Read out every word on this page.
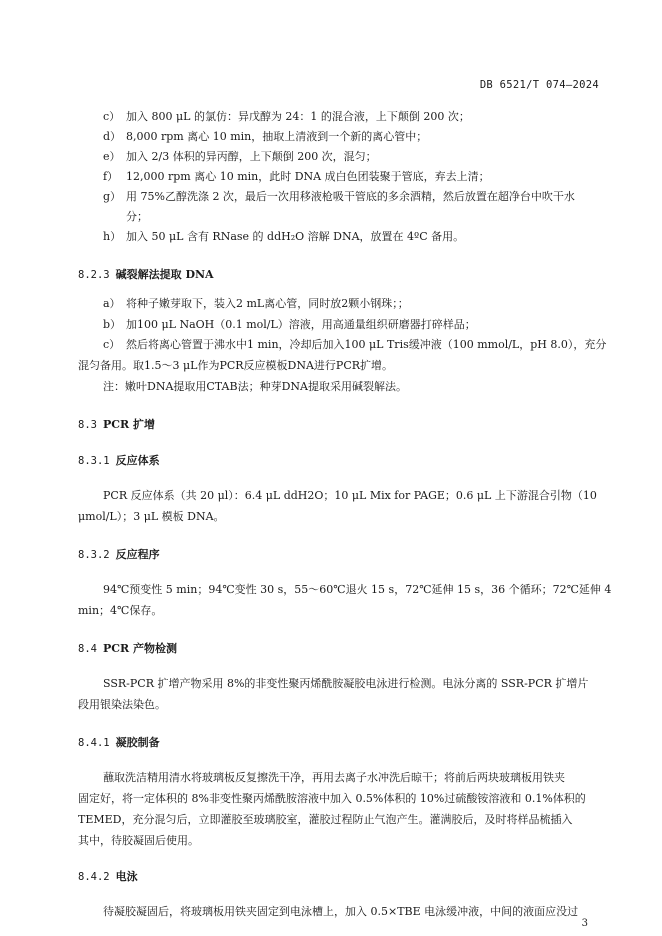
DB 6521/T 074—2024
c） 加入 800 μL 的氯仿：异戊醇为 24：1 的混合液，上下颠倒 200 次；
d） 8,000 rpm 离心 10 min，抽取上清液到一个新的离心管中；
e） 加入 2/3 体积的异丙醇，上下颠倒 200 次，混匀；
f） 12,000 rpm 离心 10 min，此时 DNA 成白色团装聚于管底，弃去上清；
g） 用 75%乙醇洗涤 2 次，最后一次用移液枪吸干管底的多余酒精，然后放置在超净台中吹干水
分；
h） 加入 50 μL 含有 RNase 的 ddH₂O 溶解 DNA，放置在 4ºC 备用。
8.2.3 碱裂解法提取 DNA
a） 将种子嫩芽取下，装入2 mL离心管，同时放2颗小钢珠；；
b） 加100 μL NaOH（0.1 mol/L）溶液，用高通量组织研磨器打碎样品；
c） 然后将离心管置于沸水中1 min，冷却后加入100 μL Tris缓冲液（100 mmol/L，pH 8.0），充分
混匀备用。取1.5～3 μL作为PCR反应模板DNA进行PCR扩增。
注：嫩叶DNA提取用CTAB法；种芽DNA提取采用碱裂解法。
8.3 PCR 扩增
8.3.1 反应体系
PCR 反应体系（共 20 μl）：6.4 μL ddH2O；10 μL Mix for PAGE；0.6 μL 上下游混合引物（10
μmol/L）；3 μL 模板 DNA。
8.3.2 反应程序
94℃预变性 5 min；94℃变性 30 s，55～60℃退火 15 s，72℃延伸 15 s，36 个循环；72℃延伸 4
min；4℃保存。
8.4 PCR 产物检测
SSR-PCR 扩增产物采用 8%的非变性聚丙烯酰胺凝胶电泳进行检测。电泳分离的 SSR-PCR 扩增片
段用银染法染色。
8.4.1 凝胶制备
蘸取洗洁精用清水将玻璃板反复擦洗干净，再用去离子水冲洗后晾干；将前后两块玻璃板用铁夹
固定好，将一定体积的 8%非变性聚丙烯酰胺溶液中加入 0.5%体积的 10%过硫酸铵溶液和 0.1%体积的
TEMED，充分混匀后，立即灌胶至玻璃胶室，灌胶过程防止气泡产生。灌满胶后，及时将样品梳插入
其中，待胶凝固后使用。
8.4.2 电泳
待凝胶凝固后，将玻璃板用铁夹固定到电泳槽上，加入 0.5×TBE 电泳缓冲液，中间的液面应没过
3
